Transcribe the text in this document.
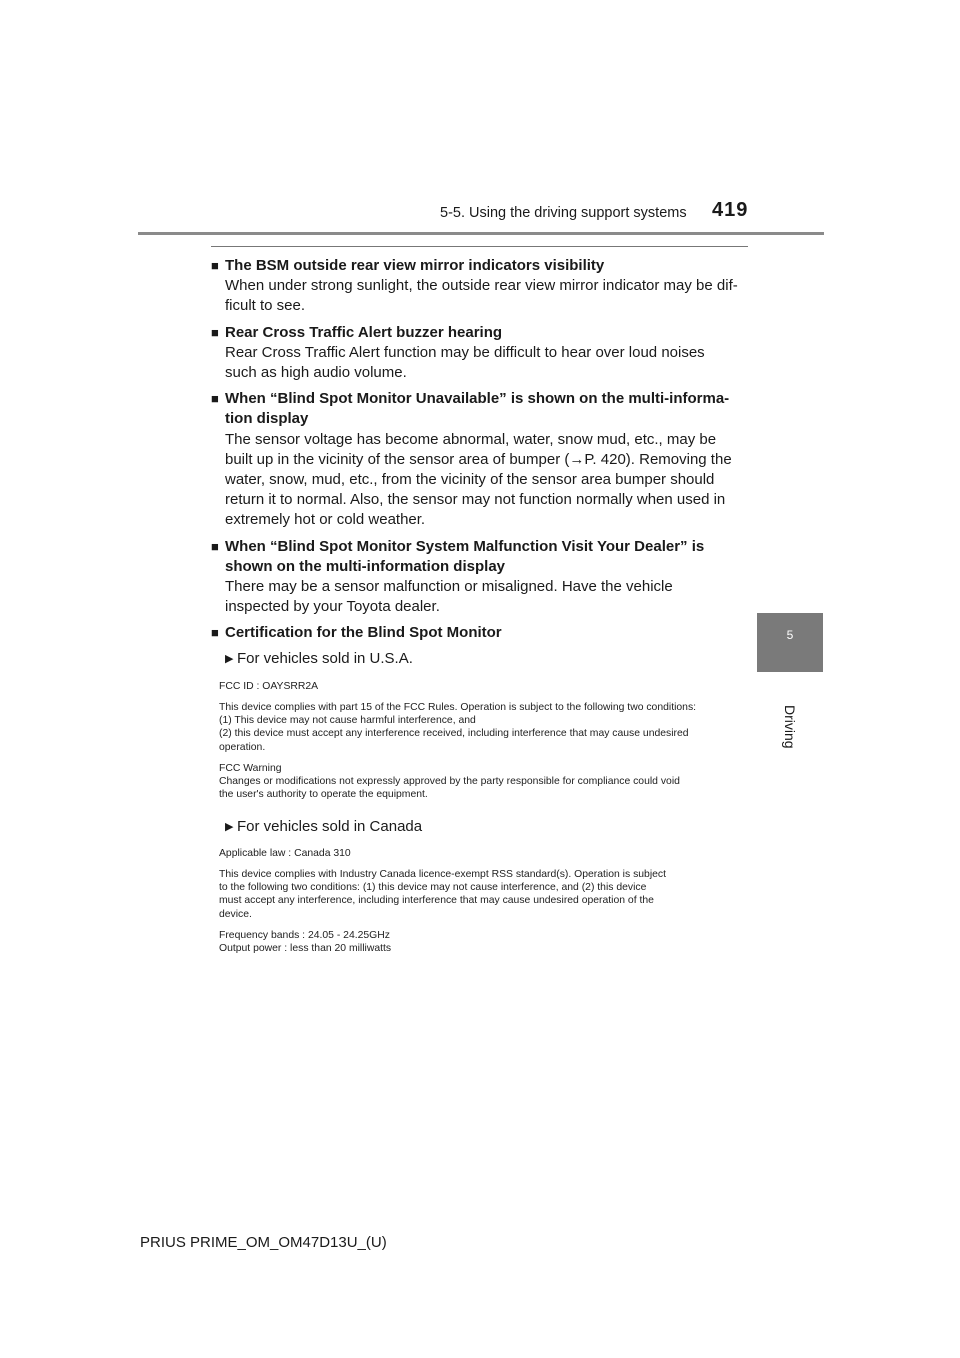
5-5. Using the driving support systems 419
5
Driving
■ The BSM outside rear view mirror indicators visibility
When under strong sunlight, the outside rear view mirror indicator may be dif-
ficult to see.
■ Rear Cross Traffic Alert buzzer hearing
Rear Cross Traffic Alert function may be difficult to hear over loud noises
such as high audio volume.
■ When “Blind Spot Monitor Unavailable” is shown on the multi-informa-
tion display
The sensor voltage has become abnormal, water, snow mud, etc., may be
built up in the vicinity of the sensor area of bumper (→P. 420). Removing the
water, snow, mud, etc., from the vicinity of the sensor area bumper should
return it to normal. Also, the sensor may not function normally when used in
extremely hot or cold weather.
■ When “Blind Spot Monitor System Malfunction Visit Your Dealer” is
shown on the multi-information display
There may be a sensor malfunction or misaligned. Have the vehicle
inspected by your Toyota dealer.
■ Certification for the Blind Spot Monitor
▶ For vehicles sold in U.S.A.
FCC ID : OAYSRR2A
This device complies with part 15 of the FCC Rules. Operation is subject to the following two conditions:
(1) This device may not cause harmful interference, and
(2) this device must accept any interference received, including interference that may cause undesired
operation.
FCC Warning
Changes or modifications not expressly approved by the party responsible for compliance could void
the user's authority to operate the equipment.
▶ For vehicles sold in Canada
Applicable law : Canada 310
This device complies with Industry Canada licence-exempt RSS standard(s). Operation is subject
to the following two conditions: (1) this device may not cause interference, and (2) this device
must accept any interference, including interference that may cause undesired operation of the
device.
Frequency bands : 24.05 - 24.25GHz
Output power : less than 20 milliwatts
PRIUS PRIME_OM_OM47D13U_(U)
